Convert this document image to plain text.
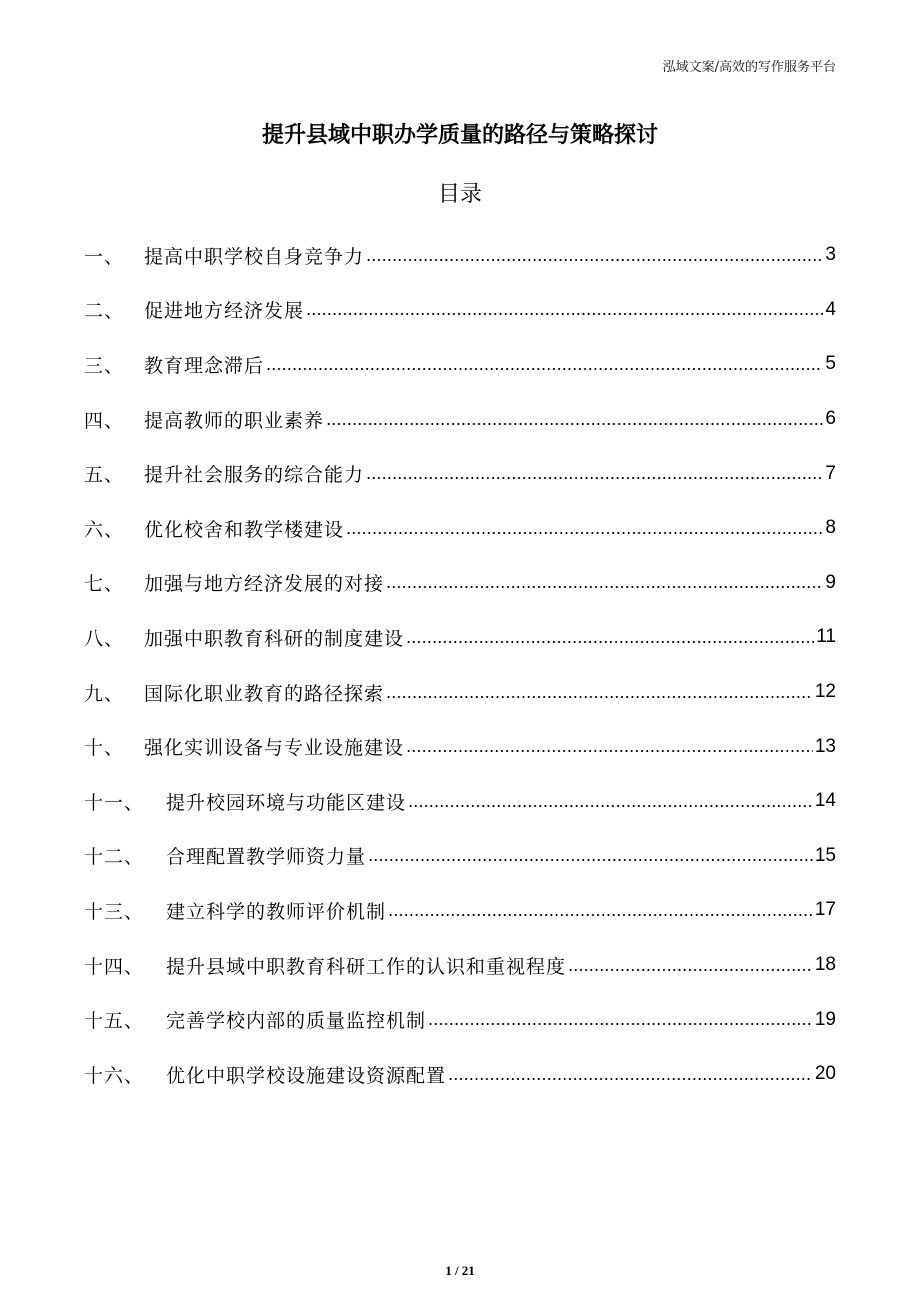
泓域文案/高效的写作服务平台
提升县域中职办学质量的路径与策略探讨
目录
一、	提高中职学校自身竞争力	3
二、	促进地方经济发展	4
三、	教育理念滞后	5
四、	提高教师的职业素养	6
五、	提升社会服务的综合能力	7
六、	优化校舍和教学楼建设	8
七、	加强与地方经济发展的对接	9
八、	加强中职教育科研的制度建设	11
九、	国际化职业教育的路径探索	12
十、	强化实训设备与专业设施建设	13
十一、	提升校园环境与功能区建设	14
十二、	合理配置教学师资力量	15
十三、	建立科学的教师评价机制	17
十四、	提升县域中职教育科研工作的认识和重视程度	18
十五、	完善学校内部的质量监控机制	19
十六、	优化中职学校设施建设资源配置	20
1 / 21
